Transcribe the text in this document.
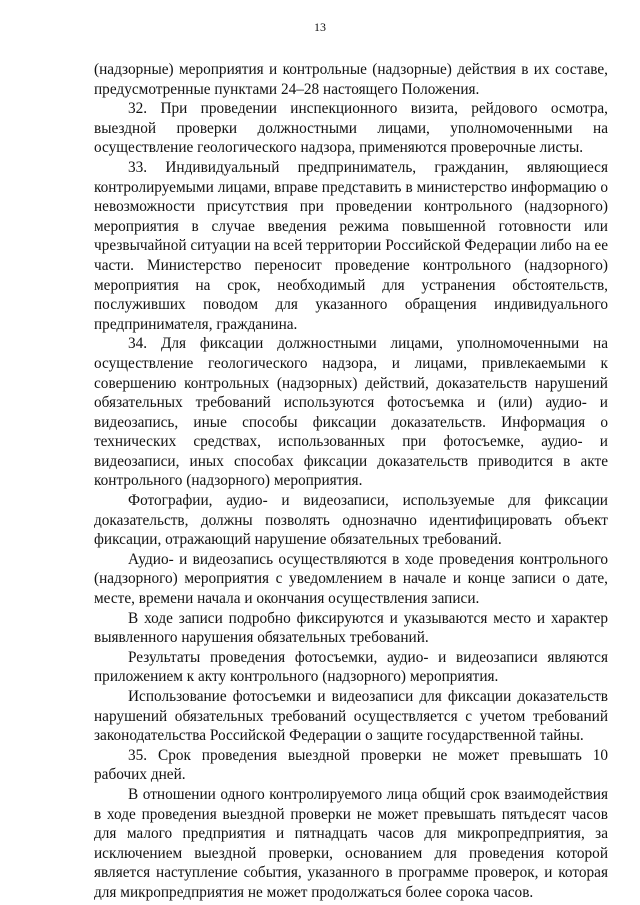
13

(надзорные) мероприятия и контрольные (надзорные) действия в их составе, предусмотренные пунктами 24–28 настоящего Положения.

32. При проведении инспекционного визита, рейдового осмотра, выездной проверки должностными лицами, уполномоченными на осуществление геологического надзора, применяются проверочные листы.

33. Индивидуальный предприниматель, гражданин, являющиеся контролируемыми лицами, вправе представить в министерство информацию о невозможности присутствия при проведении контрольного (надзорного) мероприятия в случае введения режима повышенной готовности или чрезвычайной ситуации на всей территории Российской Федерации либо на ее части. Министерство переносит проведение контрольного (надзорного) мероприятия на срок, необходимый для устранения обстоятельств, послуживших поводом для указанного обращения индивидуального предпринимателя, гражданина.

34. Для фиксации должностными лицами, уполномоченными на осуществление геологического надзора, и лицами, привлекаемыми к совершению контрольных (надзорных) действий, доказательств нарушений обязательных требований используются фотосъемка и (или) аудио- и видеозапись, иные способы фиксации доказательств. Информация о технических средствах, использованных при фотосъемке, аудио- и видеозаписи, иных способах фиксации доказательств приводится в акте контрольного (надзорного) мероприятия.

Фотографии, аудио- и видеозаписи, используемые для фиксации доказательств, должны позволять однозначно идентифицировать объект фиксации, отражающий нарушение обязательных требований.

Аудио- и видеозапись осуществляются в ходе проведения контрольного (надзорного) мероприятия с уведомлением в начале и конце записи о дате, месте, времени начала и окончания осуществления записи.

В ходе записи подробно фиксируются и указываются место и характер выявленного нарушения обязательных требований.

Результаты проведения фотосъемки, аудио- и видеозаписи являются приложением к акту контрольного (надзорного) мероприятия.

Использование фотосъемки и видеозаписи для фиксации доказательств нарушений обязательных требований осуществляется с учетом требований законодательства Российской Федерации о защите государственной тайны.

35. Срок проведения выездной проверки не может превышать 10 рабочих дней.

В отношении одного контролируемого лица общий срок взаимодействия в ходе проведения выездной проверки не может превышать пятьдесят часов для малого предприятия и пятнадцать часов для микропредприятия, за исключением выездной проверки, основанием для проведения которой является наступление события, указанного в программе проверок, и которая для микропредприятия не может продолжаться более сорока часов.
